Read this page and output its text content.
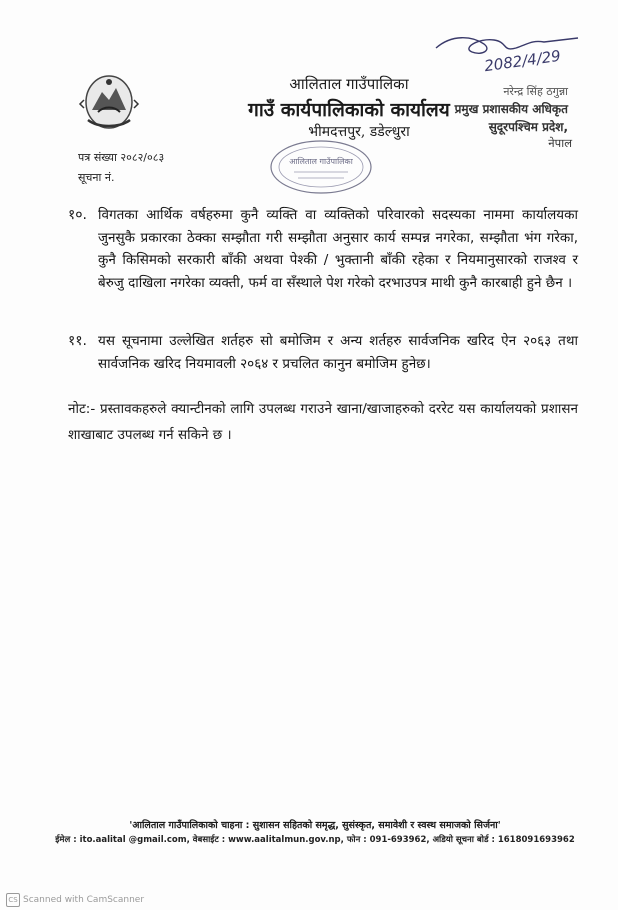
आलिताल गाउँपालिका
गाउँ कार्यपालिकाको कार्यालय
भीमदत्तपुर, डडेल्धुरा
आलिताल गाउँपालिका
2082/4/29
नरेन्द्र सिंह ठगुन्ना
प्रमुख प्रशासकीय अधिकृत
सुदूरपश्चिम प्रदेश,
नेपाल
पत्र संख्या २०८२/०८३
सूचना नं.
१०. विगतका आर्थिक वर्षहरुमा कुनै व्यक्ति वा व्यक्तिको परिवारको सदस्यका नाममा कार्यालयका जुनसुकै प्रकारका ठेक्का सम्झौता गरी सम्झौता अनुसार कार्य सम्पन्न नगरेका, सम्झौता भंग गरेका, कुनै किसिमको सरकारी बाँकी अथवा पेश्की / भुक्तानी बाँकी रहेका र नियमानुसारको राजश्व र बेरुजु दाखिला नगरेका व्यक्ती, फर्म वा सँस्थाले पेश गरेको दरभाउपत्र माथी कुनै कारबाही हुने छैन ।
११. यस सूचनामा उल्लेखित शर्तहरु सो बमोजिम र अन्य शर्तहरु सार्वजनिक खरिद ऐन २०६३ तथा सार्वजनिक खरिद नियमावली २०६४ र प्रचलित कानुन बमोजिम हुनेछ।
नोट:- प्रस्तावकहरुले क्यान्टीनको लागि उपलब्ध गराउने खाना/खाजाहरुको दररेट यस कार्यालयको प्रशासन शाखाबाट उपलब्ध गर्न सकिने छ ।
'आलिताल गाउँपालिकाको चाहना : सुशासन सहितको समृद्ध, सुसंस्कृत, समावेशी र स्वस्थ समाजको सिर्जना'
ईमेल : ito.aalital @gmail.com, वेबसाईट : www.aalitalmun.gov.np, फोन : 091-693962, अडियो सूचना बोर्ड : 1618091693962
CS Scanned with CamScanner
